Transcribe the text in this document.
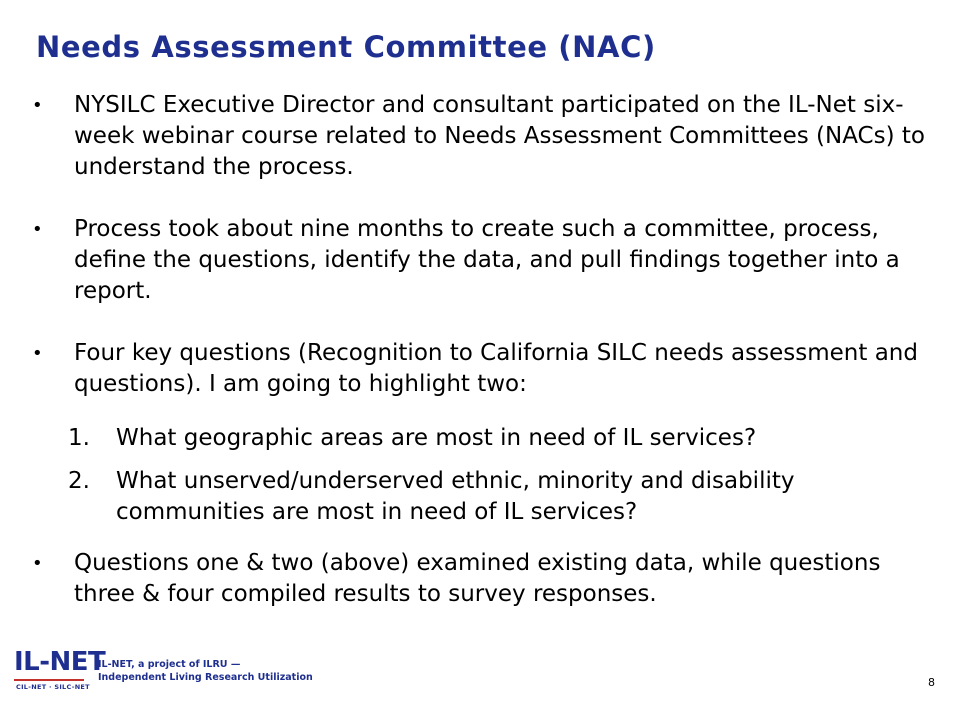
Needs Assessment Committee (NAC)
• NYSILC Executive Director and consultant participated on the IL-Net six-week webinar course related to Needs Assessment Committees (NACs) to understand the process.
• Process took about nine months to create such a committee, process, define the questions, identify the data, and pull findings together into a report.
• Four key questions (Recognition to California SILC needs assessment and questions). I am going to highlight two:
1. What geographic areas are most in need of IL services?
2. What unserved/underserved ethnic, minority and disability communities are most in need of IL services?
• Questions one & two (above) examined existing data, while questions three & four compiled results to survey responses.
IL-NET
CIL-NET · SILC-NET
IL-NET, a project of ILRU —
Independent Living Research Utilization	8
